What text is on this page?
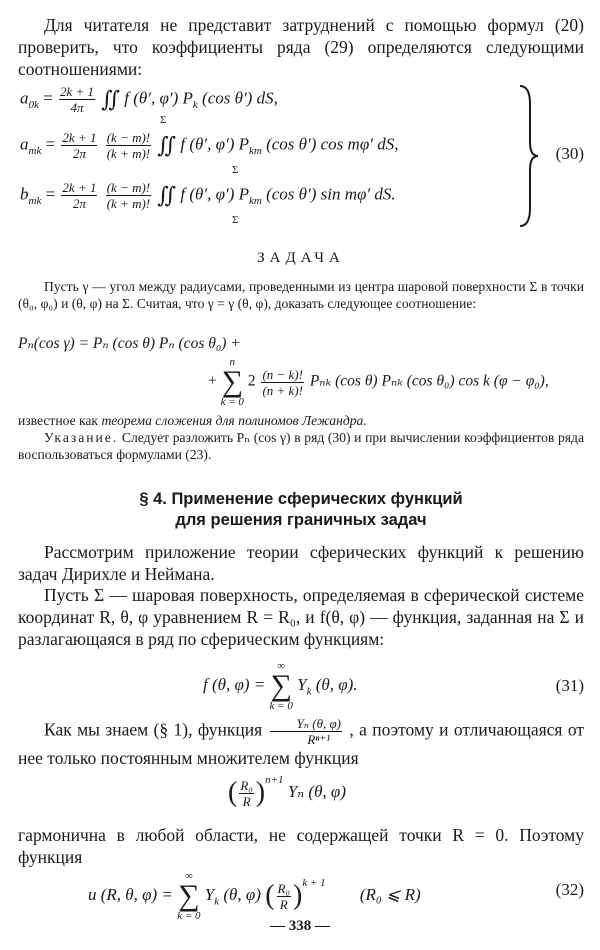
Для читателя не представит затруднений с помощью формул (20) проверить, что коэффициенты ряда (29) определяются следующими соотношениями:

$a_{0k} = \frac{2k + 1}{4\pi}$ ∬ f (θ′, φ′) $P_k$ (cos θ′) dS,
Σ
$a_{mk} = \frac{2k + 1}{2\pi}$
$\frac{(k - m)!}{(k + m)!}$ ∬ f (θ′, φ′) $P_{km}$ (cos θ′) cos mφ′ dS,
Σ
$b_{mk} = \frac{2k + 1}{2\pi}$
$\frac{(k - m)!}{(k + m)!}$ ∬ f (θ′, φ′) $P_{km}$ (cos θ′) sin mφ′ dS.
Σ
(30)
ЗАДАЧА

Пусть γ — угол между радиусами, проведенными из центра шаровой поверхности Σ в точки (θ₀, φ₀) и (θ, φ) на Σ. Считая, что γ = γ (θ, φ), доказать следующее соотношение:

Pₙ(cos γ) = Pₙ (cos θ) Pₙ (cos θ₀) +
+
n
∑
k = 0
$2 \frac{(n - k)!}{(n + k)!}$ Pₙₖ (cos θ) Pₙₖ (cos θ₀) cos k (φ − φ₀),

известное как теорема сложения для полиномов Лежандра.

Указание. Следует разложить Pₙ (cos γ) в ряд (30) и при вычислении коэффициентов ряда воспользоваться формулами (23).

§ 4. Применение сферических функций
для решения граничных задач

Рассмотрим приложение теории сферических функций к решению задач Дирихле и Неймана.

Пусть Σ — шаровая поверхность, определяемая в сферической системе координат R, θ, φ уравнением R = R₀, и f(θ, φ) — функция, заданная на Σ и разлагающаяся в ряд по сферическим функциям:

f (θ, φ) =
∞
∑
k = 0
$Y_k$ (θ, φ).	(31)

Как мы знаем (§ 1), функция $\frac{\text{Yₙ (θ, φ)}}{\text{Rⁿ⁺¹}}$ , а поэтому и отличающаяся от нее только постоянным множителем функция

( $\frac{\text{R₀}}{R} )^{n+1}$ Yₙ (θ, φ)

гармонична в любой области, не содержащей точки R = 0. Поэтому функция

u (R, θ, φ) =
∞
∑
k = 0
$Y_k$ (θ, φ) ( $\frac{\text{R₀}}{R} )^{k + 1}$ (R₀ ⩽ R)	(32)
— 338 —
